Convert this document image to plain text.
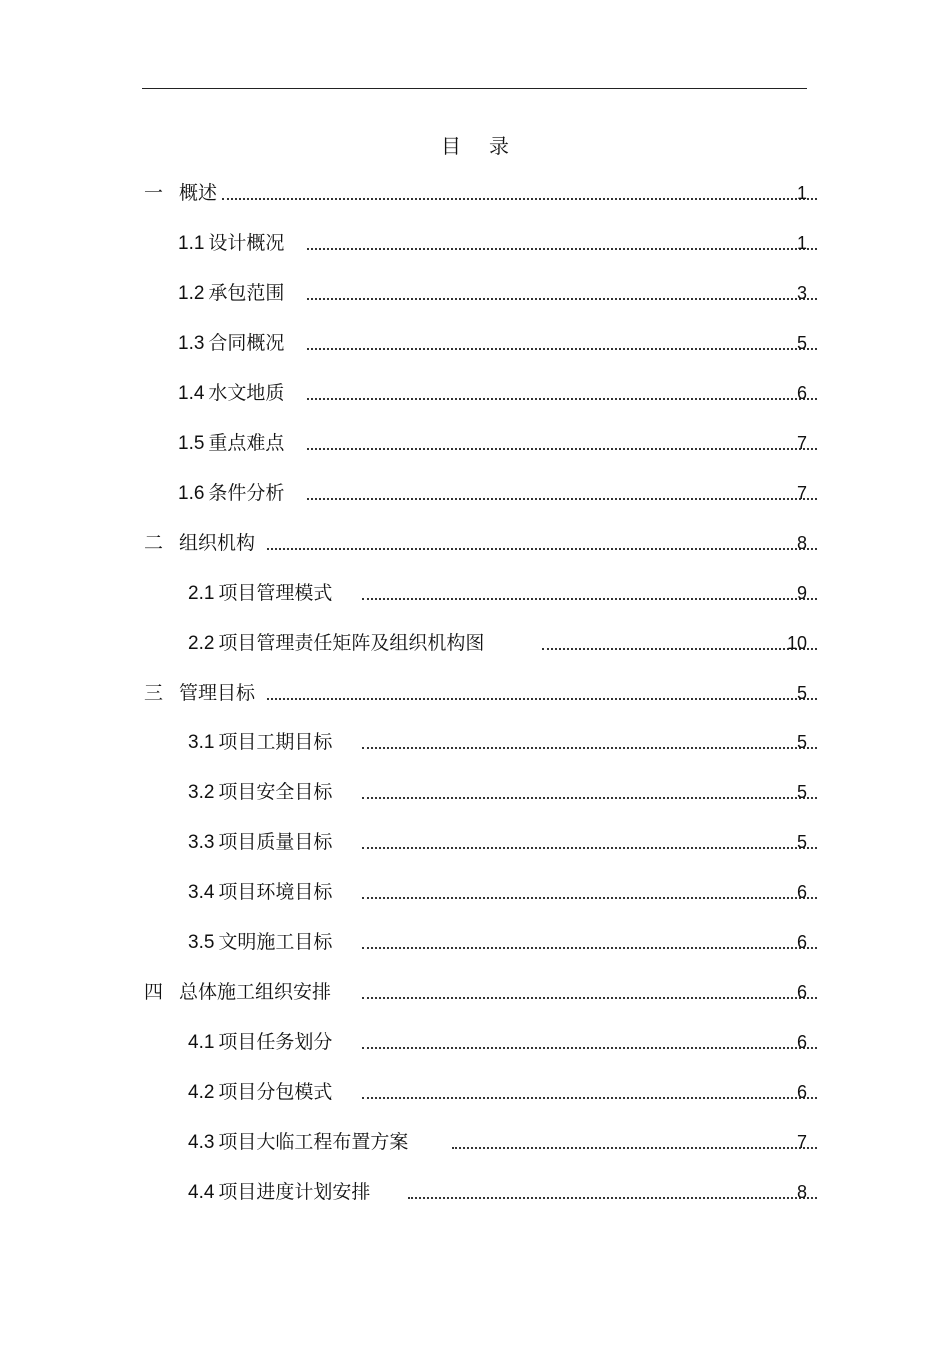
目 录
一 概述	1
1.1 设计概况	1
1.2 承包范围	3
1.3 合同概况	5
1.4 水文地质	6
1.5 重点难点	7
1.6 条件分析	7
二 组织机构	8
2.1 项目管理模式	9
2.2 项目管理责任矩阵及组织机构图	10
三 管理目标	5
3.1 项目工期目标	5
3.2 项目安全目标	5
3.3 项目质量目标	5
3.4 项目环境目标	6
3.5 文明施工目标	6
四 总体施工组织安排	6
4.1 项目任务划分	6
4.2 项目分包模式	6
4.3 项目大临工程布置方案	7
4.4 项目进度计划安排	8
